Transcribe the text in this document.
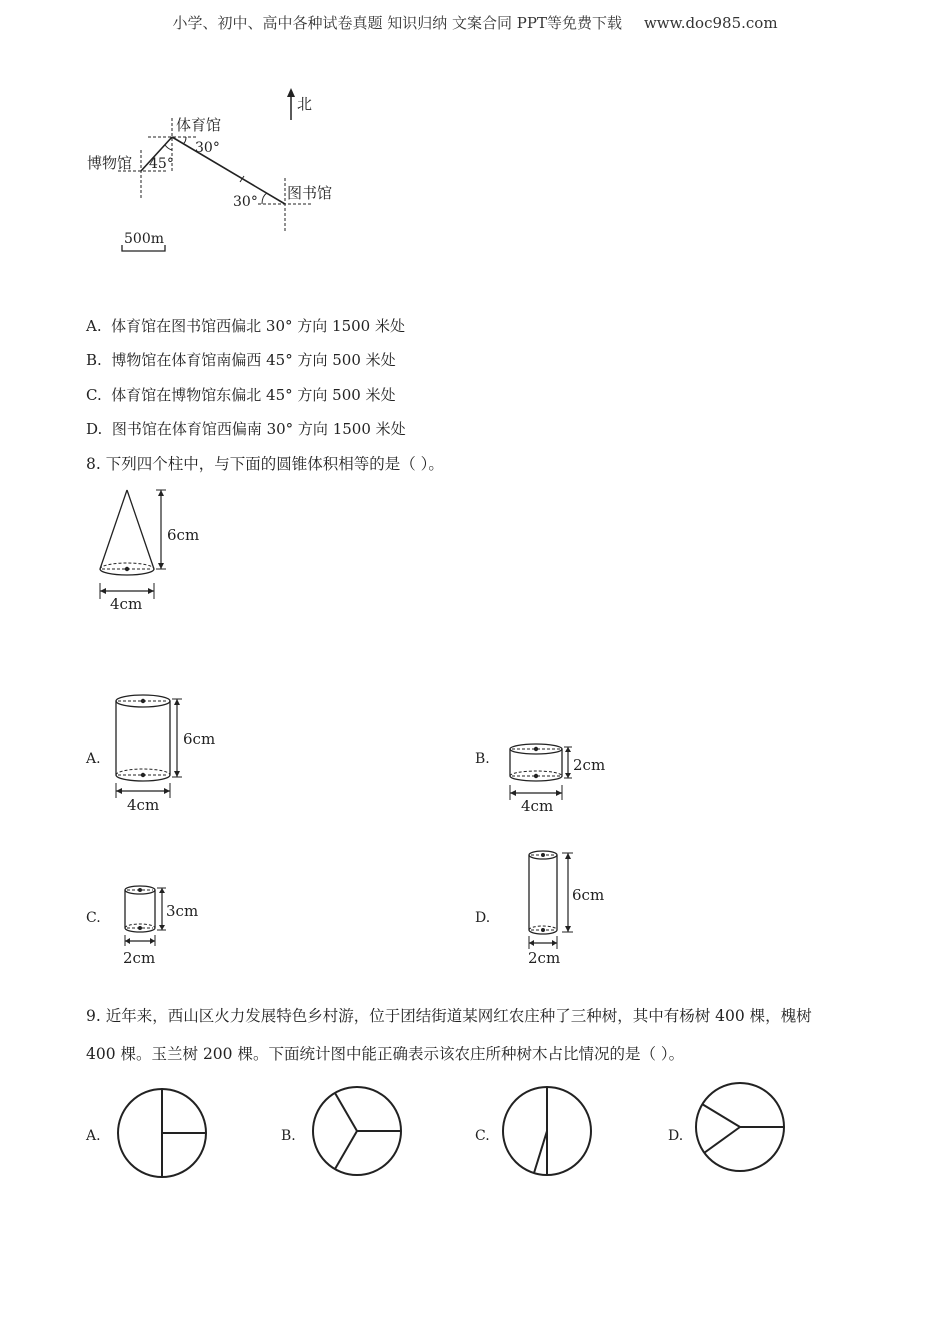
小学、初中、高中各种试卷真题 知识归纳 文案合同 PPT等免费下载 www.doc985.com
北
体育馆
博物馆
图书馆
45°
30°
30°
500m
A. 体育馆在图书馆西偏北 30° 方向 1500 米处
B. 博物馆在体育馆南偏西 45° 方向 500 米处
C. 体育馆在博物馆东偏北 45° 方向 500 米处
D. 图书馆在体育馆西偏南 30° 方向 1500 米处
8. 下列四个柱中，与下面的圆锥体积相等的是（ ）。
6cm
4cm
A.
6cm
4cm
B.	2cm
4cm
C.	3cm
2cm
D.
6cm
2cm
9. 近年来，西山区火力发展特色乡村游，位于团结街道某网红农庄种了三种树，其中有杨树 400 棵，槐树
400 棵。玉兰树 200 棵。下面统计图中能正确表示该农庄所种树木占比情况的是（ ）。
A.	B.	C.	D.
